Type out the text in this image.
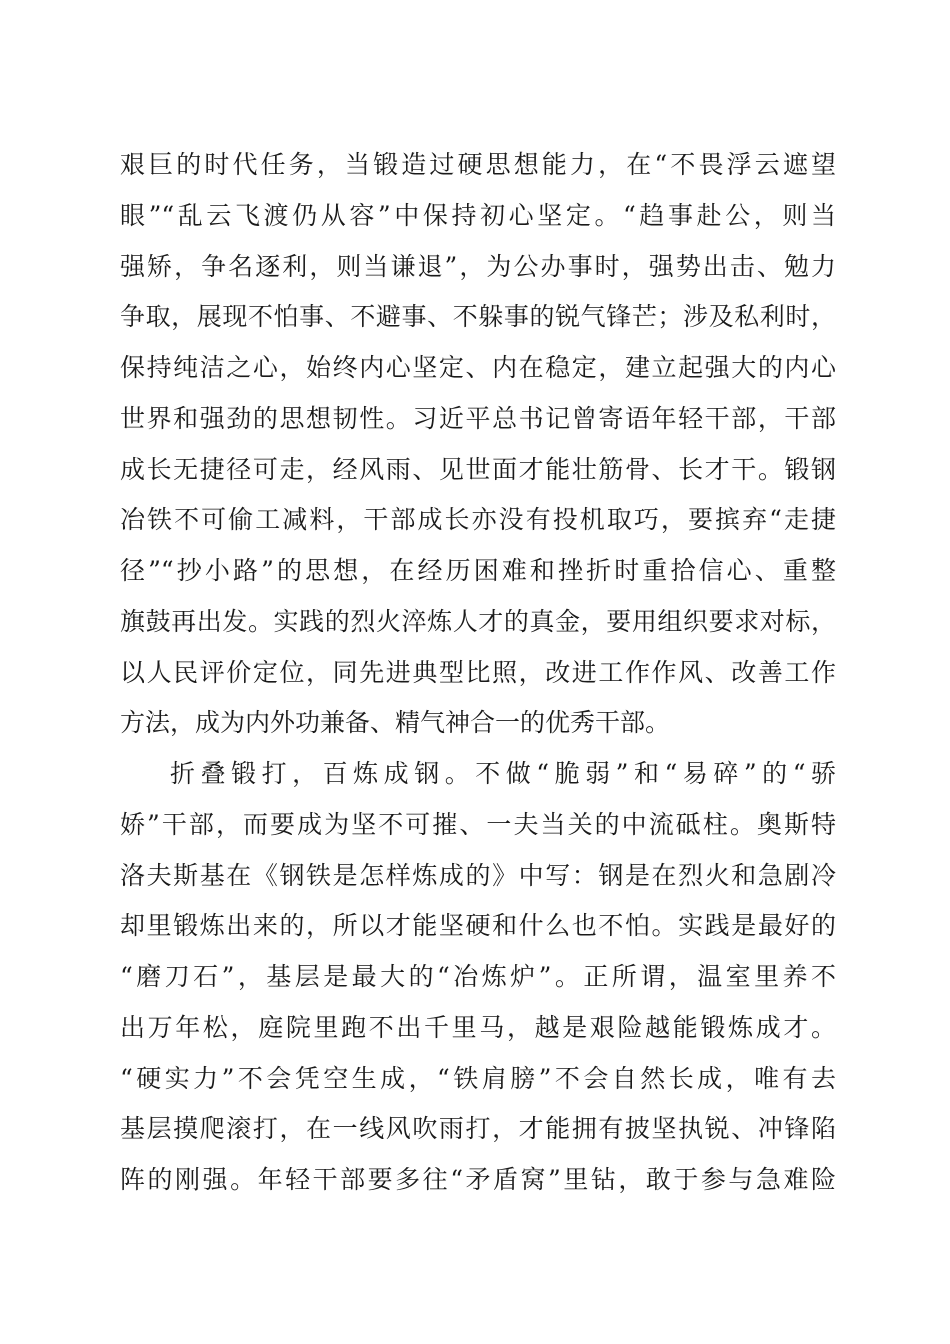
艰巨的时代任务，当锻造过硬思想能力，在“不畏浮云遮望
眼”“乱云飞渡仍从容”中保持初心坚定。“趋事赴公，则当
强矫，争名逐利，则当谦退”，为公办事时，强势出击、勉力
争取，展现不怕事、不避事、不躲事的锐气锋芒；涉及私利时，
保持纯洁之心，始终内心坚定、内在稳定，建立起强大的内心
世界和强劲的思想韧性。习近平总书记曾寄语年轻干部，干部
成长无捷径可走，经风雨、见世面才能壮筋骨、长才干。锻钢
冶铁不可偷工减料，干部成长亦没有投机取巧，要摈弃“走捷
径”“抄小路”的思想，在经历困难和挫折时重拾信心、重整
旗鼓再出发。实践的烈火淬炼人才的真金，要用组织要求对标，
以人民评价定位，同先进典型比照，改进工作作风、改善工作
方法，成为内外功兼备、精气神合一的优秀干部。
折叠锻打，百炼成钢。不做“脆弱”和“易碎”的“骄
娇”干部，而要成为坚不可摧、一夫当关的中流砥柱。奥斯特
洛夫斯基在《钢铁是怎样炼成的》中写：钢是在烈火和急剧冷
却里锻炼出来的，所以才能坚硬和什么也不怕。实践是最好的
“磨刀石”，基层是最大的“冶炼炉”。正所谓，温室里养不
出万年松，庭院里跑不出千里马，越是艰险越能锻炼成才。
“硬实力”不会凭空生成，“铁肩膀”不会自然长成，唯有去
基层摸爬滚打，在一线风吹雨打，才能拥有披坚执锐、冲锋陷
阵的刚强。年轻干部要多往“矛盾窝”里钻，敢于参与急难险
